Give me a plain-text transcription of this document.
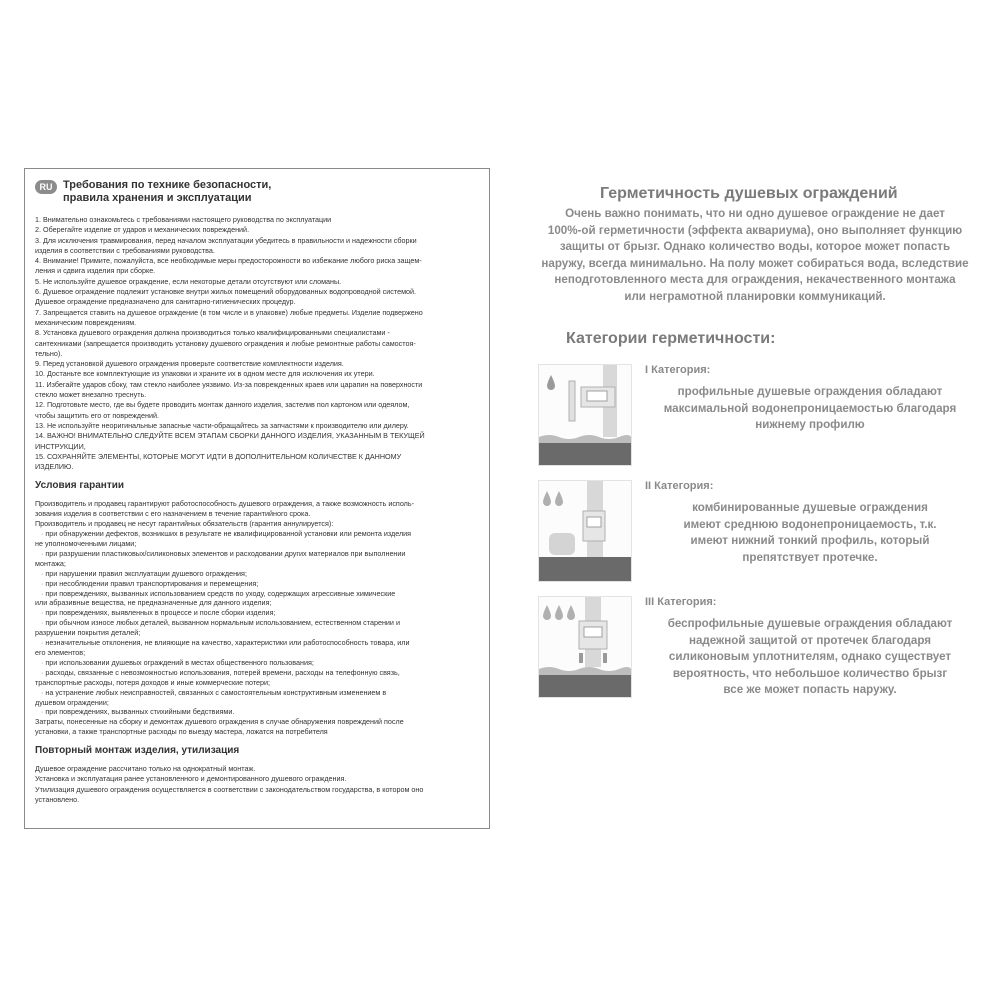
RU Требования по технике безопасности,
правила хранения и эксплуатации

1. Внимательно ознакомьтесь с требованиями настоящего руководства по эксплуатации

2. Оберегайте изделие от ударов и механических повреждений.

3. Для исключения травмирования, перед началом эксплуатации убедитесь в правильности и надежности сборки

изделия в соответствии с требованиями руководства.

4. Внимание! Примите, пожалуйста, все необходимые меры предосторожности во избежание любого риска защем-

ления и сдвига изделия при сборке.

5. Не используйте душевое ограждение, если некоторые детали отсутствуют или сломаны.

6. Душевое ограждение подлежит установке внутри жилых помещений оборудованных водопроводной системой.

Душевое ограждение предназначено для санитарно-гигиенических процедур.

7. Запрещается ставить на душевое ограждение (в том числе и в упаковке) любые предметы. Изделие подвержено

механическим повреждениям.

8. Установка душевого ограждения должна производиться только квалифицированными специалистами -

сантехниками (запрещается производить установку душевого ограждения и любые ремонтные работы самостоя-

тельно).

9. Перед установкой душевого ограждения проверьте соответствие комплектности изделия.

10. Достаньте все комплектующие из упаковки и храните их в одном месте для исключения их утери.

11. Избегайте ударов сбоку, там стекло наиболее уязвимо. Из-за поврежденных краев или царапин на поверхности

стекло может внезапно треснуть.

12. Подготовьте место, где вы будете проводить монтаж данного изделия, застелив пол картоном или одеялом,

чтобы защитить его от повреждений.

13. Не используйте неоригинальные запасные части-обращайтесь за запчастями к производителю или дилеру.

14. ВАЖНО! ВНИМАТЕЛЬНО СЛЕДУЙТЕ ВСЕМ ЭТАПАМ СБОРКИ ДАННОГО ИЗДЕЛИЯ, УКАЗАННЫМ В ТЕКУЩЕЙ

ИНСТРУКЦИИ,

15. СОХРАНЯЙТЕ ЭЛЕМЕНТЫ, КОТОРЫЕ МОГУТ ИДТИ В ДОПОЛНИТЕЛЬНОМ КОЛИЧЕСТВЕ К ДАННОМУ

ИЗДЕЛИЮ.

Условия гарантии

Производитель и продавец гарантируют работоспособность душевого ограждения, а также возможность исполь-

зования изделия в соответствии с его назначением в течение гарантийного срока.

Производитель и продавец не несут гарантийных обязательств (гарантия аннулируется):

· при обнаружении дефектов, возникших в результате не квалифицированной установки или ремонта изделия

не уполномоченными лицами;

· при разрушении пластиковых/силиконовых элементов и расходовании других материалов при выполнении

монтажа;

· при нарушении правил эксплуатации душевого ограждения;

· при несоблюдении правил транспортирования и перемещения;

· при повреждениях, вызванных использованием средств по уходу, содержащих агрессивные химические

или абразивные вещества, не предназначенные для данного изделия;

· при повреждениях, выявленных в процессе и после сборки изделия;

· при обычном износе любых деталей, вызванном нормальным использованием, естественном старении и

разрушении покрытия деталей;

· незначительные отклонения, не влияющие на качество, характеристики или работоспособность товара, или

его элементов;

· при использовании душевых ограждений в местах общественного пользования;

· расходы, связанные с невозможностью использования, потерей времени, расходы на телефонную связь,

транспортные расходы, потеря доходов и иные коммерческие потери;

· на устранение любых неисправностей, связанных с самостоятельным конструктивным изменением в

душевом ограждении;

· при повреждениях, вызванных стихийными бедствиями.

Затраты, понесенные на сборку и демонтаж душевого ограждения в случае обнаружения повреждений после

установки, а также транспортные расходы по выезду мастера, ложатся на потребителя

Повторный монтаж изделия, утилизация

Душевое ограждение рассчитано только на однократный монтаж.

Установка и эксплуатация ранее установленного и демонтированного душевого ограждения.

Утилизация душевого ограждения осуществляется в соответствии с законодательством государства, в котором оно

установлено.

Герметичность душевых ограждений
Очень важно понимать, что ни одно душевое ограждение не дает
100%-ой герметичности (эффекта аквариума), оно выполняет функцию
защиты от брызг. Однако количество воды, которое может попасть
наружу, всегда минимально. На полу может собираться вода, вследствие
неподготовленного места для ограждения, некачественного монтажа
или неграмотной планировки коммуникаций.
Категории герметичности:
I Категория:
профильные душевые ограждения обладают
максимальной водонепроницаемостью благодаря
нижнему профилю
II Категория:
комбинированные душевые ограждения
имеют среднюю водонепроницаемость, т.к.
имеют нижний тонкий профиль, который
препятствует протечке.
III Категория:
беспрофильные душевые ограждения обладают
надежной защитой от протечек благодаря
силиконовым уплотнителям, однако существует
вероятность, что небольшое количество брызг
все же может попасть наружу.
